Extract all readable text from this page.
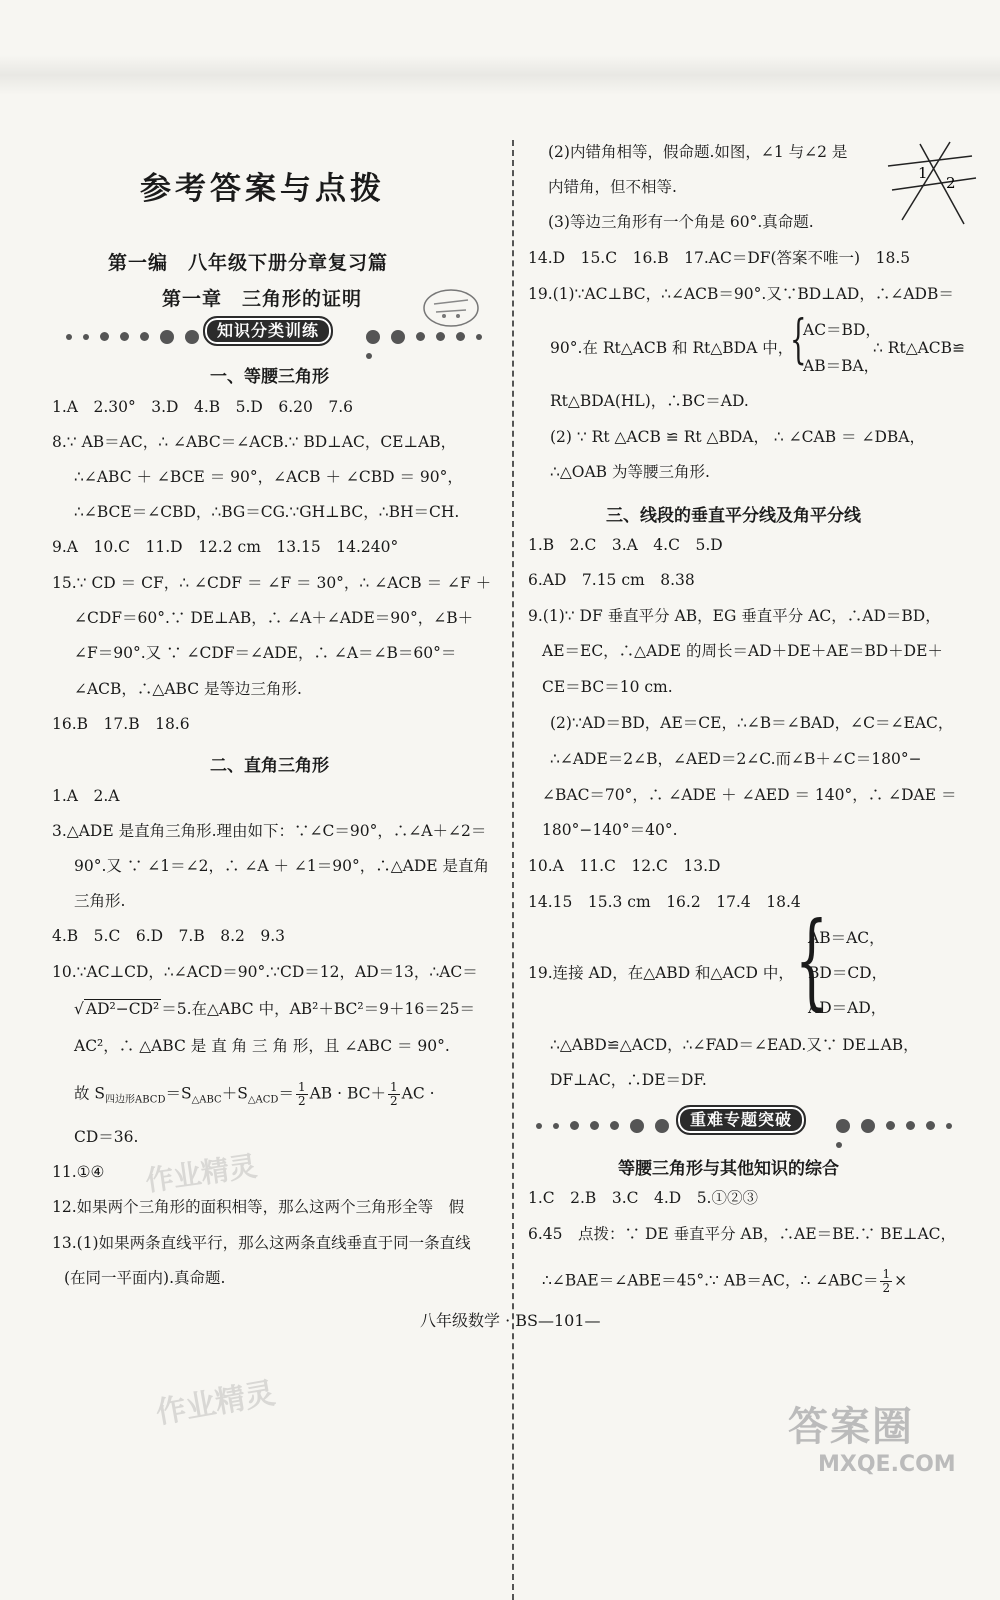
参考答案与点拨
第一编　八年级下册分章复习篇
第一章　三角形的证明
知识分类训练
一、等腰三角形
1.A　2.30°　3.D　4.B　5.D　6.20　7.6
8.∵ AB＝AC，∴ ∠ABC＝∠ACB.∵ BD⊥AC，CE⊥AB，
∴∠ABC ＋ ∠BCE ＝ 90°，∠ACB ＋ ∠CBD ＝ 90°，
∴∠BCE＝∠CBD，∴BG＝CG.∵GH⊥BC，∴BH＝CH.
9.A　10.C　11.D　12.2 cm　13.15　14.240°
15.∵ CD ＝ CF，∴ ∠CDF ＝ ∠F ＝ 30°，∴ ∠ACB ＝ ∠F ＋
∠CDF＝60°.∵ DE⊥AB，∴ ∠A＋∠ADE＝90°，∠B＋
∠F＝90°.又 ∵ ∠CDF＝∠ADE，∴ ∠A＝∠B＝60°＝
∠ACB，∴△ABC 是等边三角形.
16.B　17.B　18.6
二、直角三角形
1.A　2.A
3.△ADE 是直角三角形.理由如下：∵∠C＝90°，∴∠A＋∠2＝
90°.又 ∵ ∠1＝∠2，∴ ∠A ＋ ∠1＝90°，∴△ADE 是直角
三角形.
4.B　5.C　6.D　7.B　8.2　9.3
10.∵AC⊥CD，∴∠ACD＝90°.∵CD＝12，AD＝13，∴AC＝
√ AD²−CD² ＝5.在△ABC 中，AB²＋BC²＝9＋16＝25＝
AC²，∴ △ABC 是 直 角 三 角 形，且 ∠ABC ＝ 90°.
故 $S_{四边形ABCD}=S_{\triangle ABC}+S_{\triangle ACD}= \frac{1}{2}$ AB · $BC+ \frac{1}{2}$ AC ·
CD＝36.
11.①④
12.如果两个三角形的面积相等，那么这两个三角形全等　假
13.(1)如果两条直线平行，那么这两条直线垂直于同一条直线
(在同一平面内).真命题.
(2)内错角相等，假命题.如图，∠1 与∠2 是
内错角，但不相等.
1
2
(3)等边三角形有一个角是 60°.真命题.
14.D　15.C　16.B　17.AC＝DF(答案不唯一)　18.5
19.(1)∵AC⊥BC，∴∠ACB＝90°.又∵BD⊥AD，∴∠ADB＝
90°.在 Rt△ACB 和 Rt△BDA 中，
{
AC＝BD，
AB＝BA，
∴ Rt△ACB≌
Rt△BDA(HL)，∴BC＝AD.
(2) ∵ Rt △ACB ≌ Rt △BDA， ∴ ∠CAB ＝ ∠DBA，
∴△OAB 为等腰三角形.
三、线段的垂直平分线及角平分线
1.B　2.C　3.A　4.C　5.D
6.AD　7.15 cm　8.38
9.(1)∵ DF 垂直平分 AB，EG 垂直平分 AC，∴AD＝BD，
AE＝EC，∴△ADE 的周长＝AD＋DE＋AE＝BD＋DE＋
CE＝BC＝10 cm.
(2)∵AD＝BD，AE＝CE，∴∠B＝∠BAD，∠C＝∠EAC，
∴∠ADE＝2∠B，∠AED＝2∠C.而∠B＋∠C＝180°−
∠BAC＝70°，∴ ∠ADE ＋ ∠AED ＝ 140°，∴ ∠DAE ＝
180°−140°＝40°.
10.A　11.C　12.C　13.D
14.15　15.3 cm　16.2　17.4　18.4
{
AB＝AC，
19.连接 AD，在△ABD 和△ACD 中， BD＝CD，
AD＝AD，
∴△ABD≌△ACD，∴∠FAD＝∠EAD.又∵ DE⊥AB，
DF⊥AC，∴DE＝DF.
重难专题突破
等腰三角形与其他知识的综合
1.C　2.B　3.C　4.D　5.①②③
6.45　点拨：∵ DE 垂直平分 AB，∴AE＝BE.∵ BE⊥AC，
∴∠BAE＝∠ABE＝45°.∵ AB＝AC，∴ ∠ABC＝ $\frac{1}{2}$ ×
八年级数学 · BS—101—
作业精灵
作业精灵	答案圈
MXQE.COM
